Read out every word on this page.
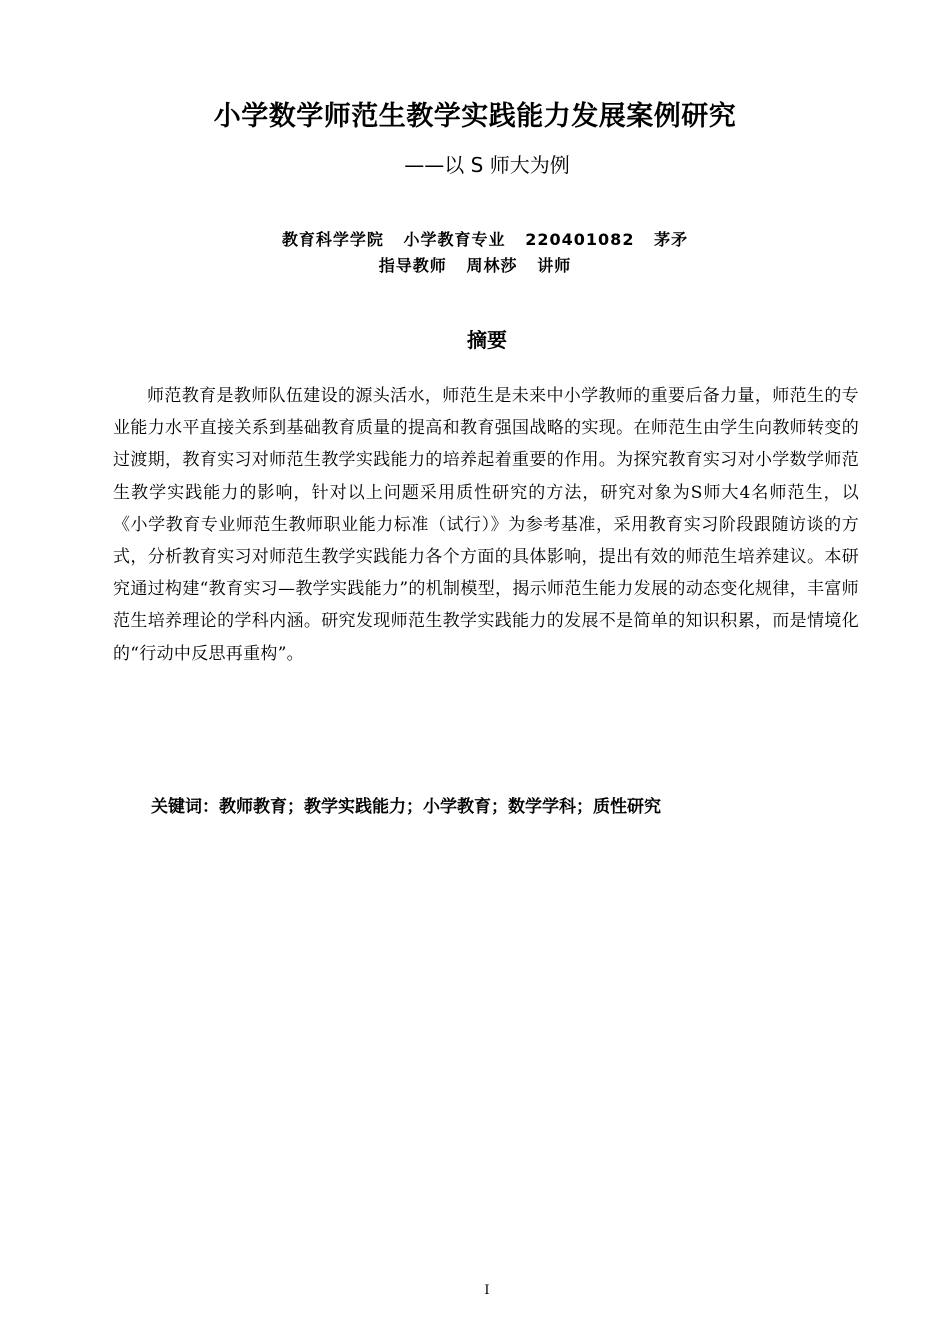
小学数学师范生教学实践能力发展案例研究
——以 S 师大为例
教育科学学院   小学教育专业   220401082   茅矛
指导教师   周林莎   讲师
摘要

师范教育是教师队伍建设的源头活水，师范生是未来中小学教师的重要后备力量，师范生的专业能力水平直接关系到基础教育质量的提高和教育强国战略的实现。在师范生由学生向教师转变的过渡期，教育实习对师范生教学实践能力的培养起着重要的作用。为探究教育实习对小学数学师范生教学实践能力的影响，针对以上问题采用质性研究的方法，研究对象为S师大4名师范生，以《小学教育专业师范生教师职业能力标准（试行）》为参考基准，采用教育实习阶段跟随访谈的方式，分析教育实习对师范生教学实践能力各个方面的具体影响，提出有效的师范生培养建议。本研究通过构建“教育实习—教学实践能力”的机制模型，揭示师范生能力发展的动态变化规律，丰富师范生培养理论的学科内涵。研究发现师范生教学实践能力的发展不是简单的知识积累，而是情境化的“行动中反思再重构”。

关键词：教师教育；教学实践能力；小学教育；数学学科；质性研究
I
